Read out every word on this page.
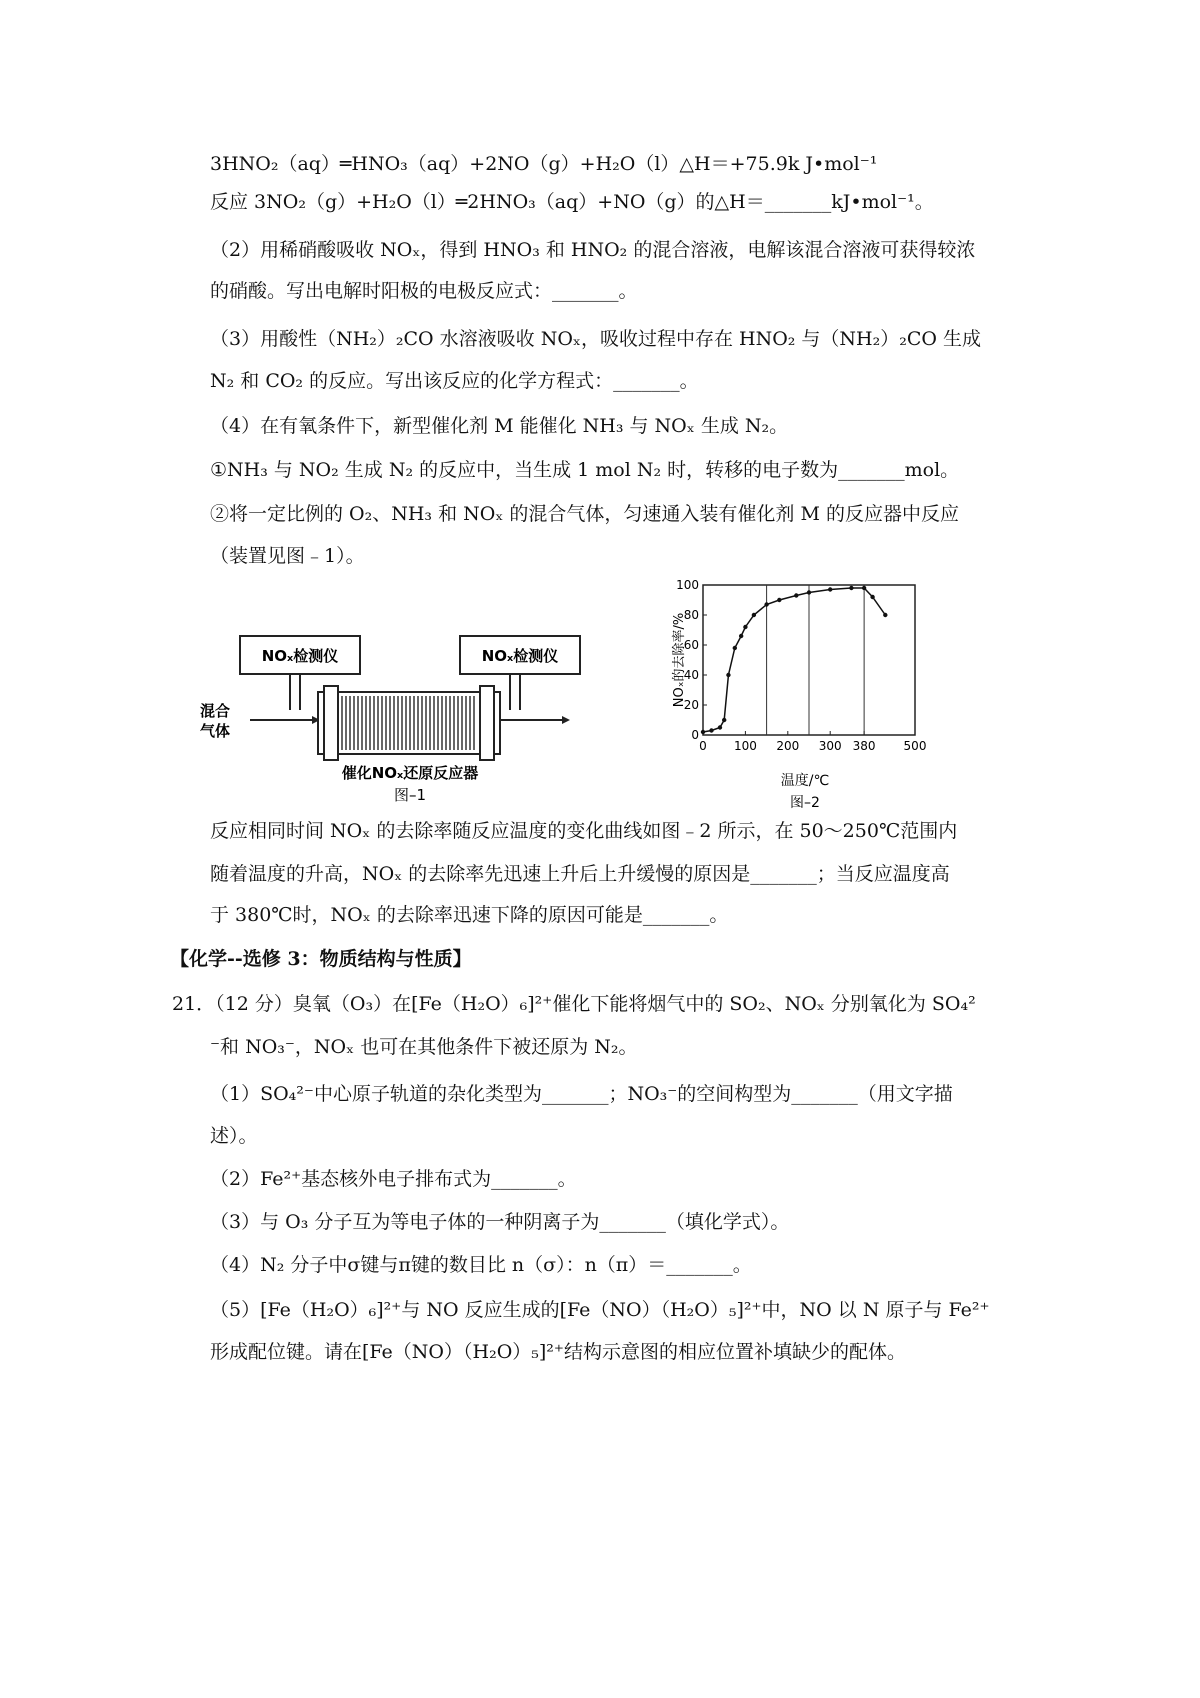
3HNO₂（aq）═HNO₃（aq）+2NO（g）+H₂O（l）△H＝+75.9k J•mol⁻¹
反应 3NO₂（g）+H₂O（l）═2HNO₃（aq）+NO（g）的△H＝_______kJ•mol⁻¹。
（2）用稀硝酸吸收 NOₓ，得到 HNO₃ 和 HNO₂ 的混合溶液，电解该混合溶液可获得较浓
的硝酸。写出电解时阳极的电极反应式：_______。
（3）用酸性（NH₂）₂CO 水溶液吸收 NOₓ，吸收过程中存在 HNO₂ 与（NH₂）₂CO 生成
N₂ 和 CO₂ 的反应。写出该反应的化学方程式：_______。
（4）在有氧条件下，新型催化剂 M 能催化 NH₃ 与 NOₓ 生成 N₂。
①NH₃ 与 NO₂ 生成 N₂ 的反应中，当生成 1 mol N₂ 时，转移的电子数为_______mol。
②将一定比例的 O₂、NH₃ 和 NOₓ 的混合气体，匀速通入装有催化剂 M 的反应器中反应
（装置见图﹣1）。
NOₓ检测仪	NOₓ检测仪
混合 气体
催化NOₓ还原反应器
图–1
NOₓ的去除率/%
温度/℃
图–2
0
20
40
60
80
100
0 100 200 300 380 500
反应相同时间 NOₓ 的去除率随反应温度的变化曲线如图﹣2 所示，在 50～250℃范围内
随着温度的升高，NOₓ 的去除率先迅速上升后上升缓慢的原因是_______；当反应温度高
于 380℃时，NOₓ 的去除率迅速下降的原因可能是_______。
【化学--选修 3：物质结构与性质】
21．（12 分）臭氧（O₃）在[Fe（H₂O）₆]²⁺催化下能将烟气中的 SO₂、NOₓ 分别氧化为 SO₄²
⁻和 NO₃⁻，NOₓ 也可在其他条件下被还原为 N₂。
（1）SO₄²⁻中心原子轨道的杂化类型为_______；NO₃⁻的空间构型为_______（用文字描
述）。
（2）Fe²⁺基态核外电子排布式为_______。
（3）与 O₃ 分子互为等电子体的一种阴离子为_______（填化学式）。
（4）N₂ 分子中σ键与π键的数目比 n（σ）：n（π）＝_______。
（5）[Fe（H₂O）₆]²⁺与 NO 反应生成的[Fe（NO）（H₂O）₅]²⁺中，NO 以 N 原子与 Fe²⁺
形成配位键。请在[Fe（NO）（H₂O）₅]²⁺结构示意图的相应位置补填缺少的配体。
